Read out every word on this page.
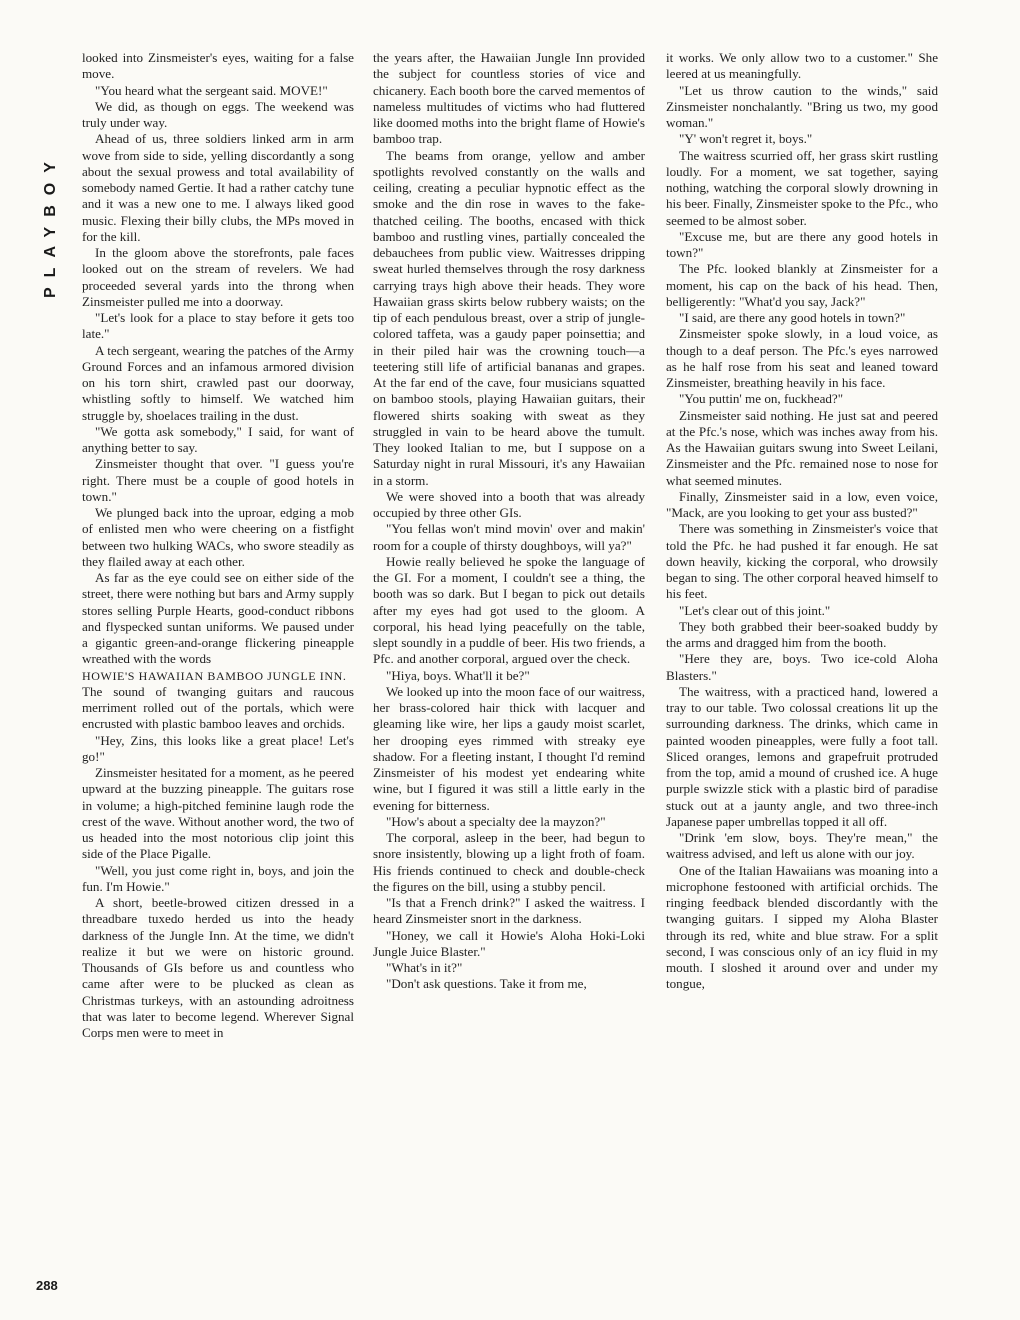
PLAYBOY

looked into Zinsmeister's eyes, waiting for a false move.

"You heard what the sergeant said. MOVE!"

We did, as though on eggs. The weekend was truly under way.

Ahead of us, three soldiers linked arm in arm wove from side to side, yelling discordantly a song about the sexual prowess and total availability of somebody named Gertie. It had a rather catchy tune and it was a new one to me. I always liked good music. Flexing their billy clubs, the MPs moved in for the kill.

In the gloom above the storefronts, pale faces looked out on the stream of revelers. We had proceeded several yards into the throng when Zinsmeister pulled me into a doorway.

"Let's look for a place to stay before it gets too late."

A tech sergeant, wearing the patches of the Army Ground Forces and an infamous armored division on his torn shirt, crawled past our doorway, whistling softly to himself. We watched him struggle by, shoelaces trailing in the dust.

"We gotta ask somebody," I said, for want of anything better to say.

Zinsmeister thought that over. "I guess you're right. There must be a couple of good hotels in town."

We plunged back into the uproar, edging a mob of enlisted men who were cheering on a fistfight between two hulking WACs, who swore steadily as they flailed away at each other.

As far as the eye could see on either side of the street, there were nothing but bars and Army supply stores selling Purple Hearts, good-conduct ribbons and flyspecked suntan uniforms. We paused under a gigantic green-and-orange flickering pineapple wreathed with the words

HOWIE'S HAWAIIAN BAMBOO JUNGLE INN.

The sound of twanging guitars and raucous merriment rolled out of the portals, which were encrusted with plastic bamboo leaves and orchids.

"Hey, Zins, this looks like a great place! Let's go!"

Zinsmeister hesitated for a moment, as he peered upward at the buzzing pineapple. The guitars rose in volume; a high-pitched feminine laugh rode the crest of the wave. Without another word, the two of us headed into the most notorious clip joint this side of the Place Pigalle.

"Well, you just come right in, boys, and join the fun. I'm Howie."

A short, beetle-browed citizen dressed in a threadbare tuxedo herded us into the heady darkness of the Jungle Inn. At the time, we didn't realize it but we were on historic ground. Thousands of GIs before us and countless who came after were to be plucked as clean as Christmas turkeys, with an astounding adroitness that was later to become legend. Wherever Signal Corps men were to meet in

the years after, the Hawaiian Jungle Inn provided the subject for countless stories of vice and chicanery. Each booth bore the carved mementos of nameless multitudes of victims who had fluttered like doomed moths into the bright flame of Howie's bamboo trap.

The beams from orange, yellow and amber spotlights revolved constantly on the walls and ceiling, creating a peculiar hypnotic effect as the smoke and the din rose in waves to the fake-thatched ceiling. The booths, encased with thick bamboo and rustling vines, partially concealed the debauchees from public view. Waitresses dripping sweat hurled themselves through the rosy darkness carrying trays high above their heads. They wore Hawaiian grass skirts below rubbery waists; on the tip of each pendulous breast, over a strip of jungle-colored taffeta, was a gaudy paper poinsettia; and in their piled hair was the crowning touch—a teetering still life of artificial bananas and grapes. At the far end of the cave, four musicians squatted on bamboo stools, playing Hawaiian guitars, their flowered shirts soaking with sweat as they struggled in vain to be heard above the tumult. They looked Italian to me, but I suppose on a Saturday night in rural Missouri, it's any Hawaiian in a storm.

We were shoved into a booth that was already occupied by three other GIs.

"You fellas won't mind movin' over and makin' room for a couple of thirsty doughboys, will ya?"

Howie really believed he spoke the language of the GI. For a moment, I couldn't see a thing, the booth was so dark. But I began to pick out details after my eyes had got used to the gloom. A corporal, his head lying peacefully on the table, slept soundly in a puddle of beer. His two friends, a Pfc. and another corporal, argued over the check.

"Hiya, boys. What'll it be?"

We looked up into the moon face of our waitress, her brass-colored hair thick with lacquer and gleaming like wire, her lips a gaudy moist scarlet, her drooping eyes rimmed with streaky eye shadow. For a fleeting instant, I thought I'd remind Zinsmeister of his modest yet endearing white wine, but I figured it was still a little early in the evening for bitterness.

"How's about a specialty dee la mayzon?"

The corporal, asleep in the beer, had begun to snore insistently, blowing up a light froth of foam. His friends continued to check and double-check the figures on the bill, using a stubby pencil.

"Is that a French drink?" I asked the waitress. I heard Zinsmeister snort in the darkness.

"Honey, we call it Howie's Aloha Hoki-Loki Jungle Juice Blaster."

"What's in it?"

"Don't ask questions. Take it from me,

it works. We only allow two to a customer." She leered at us meaningfully.

"Let us throw caution to the winds," said Zinsmeister nonchalantly. "Bring us two, my good woman."

"Y' won't regret it, boys."

The waitress scurried off, her grass skirt rustling loudly. For a moment, we sat together, saying nothing, watching the corporal slowly drowning in his beer. Finally, Zinsmeister spoke to the Pfc., who seemed to be almost sober.

"Excuse me, but are there any good hotels in town?"

The Pfc. looked blankly at Zinsmeister for a moment, his cap on the back of his head. Then, belligerently: "What'd you say, Jack?"

"I said, are there any good hotels in town?"

Zinsmeister spoke slowly, in a loud voice, as though to a deaf person. The Pfc.'s eyes narrowed as he half rose from his seat and leaned toward Zinsmeister, breathing heavily in his face.

"You puttin' me on, fuckhead?"

Zinsmeister said nothing. He just sat and peered at the Pfc.'s nose, which was inches away from his. As the Hawaiian guitars swung into Sweet Leilani, Zinsmeister and the Pfc. remained nose to nose for what seemed minutes.

Finally, Zinsmeister said in a low, even voice, "Mack, are you looking to get your ass busted?"

There was something in Zinsmeister's voice that told the Pfc. he had pushed it far enough. He sat down heavily, kicking the corporal, who drowsily began to sing. The other corporal heaved himself to his feet.

"Let's clear out of this joint."

They both grabbed their beer-soaked buddy by the arms and dragged him from the booth.

"Here they are, boys. Two ice-cold Aloha Blasters."

The waitress, with a practiced hand, lowered a tray to our table. Two colossal creations lit up the surrounding darkness. The drinks, which came in painted wooden pineapples, were fully a foot tall. Sliced oranges, lemons and grapefruit protruded from the top, amid a mound of crushed ice. A huge purple swizzle stick with a plastic bird of paradise stuck out at a jaunty angle, and two three-inch Japanese paper umbrellas topped it all off.

"Drink 'em slow, boys. They're mean," the waitress advised, and left us alone with our joy.

One of the Italian Hawaiians was moaning into a microphone festooned with artificial orchids. The ringing feedback blended discordantly with the twanging guitars. I sipped my Aloha Blaster through its red, white and blue straw. For a split second, I was conscious only of an icy fluid in my mouth. I sloshed it around over and under my tongue,

288
